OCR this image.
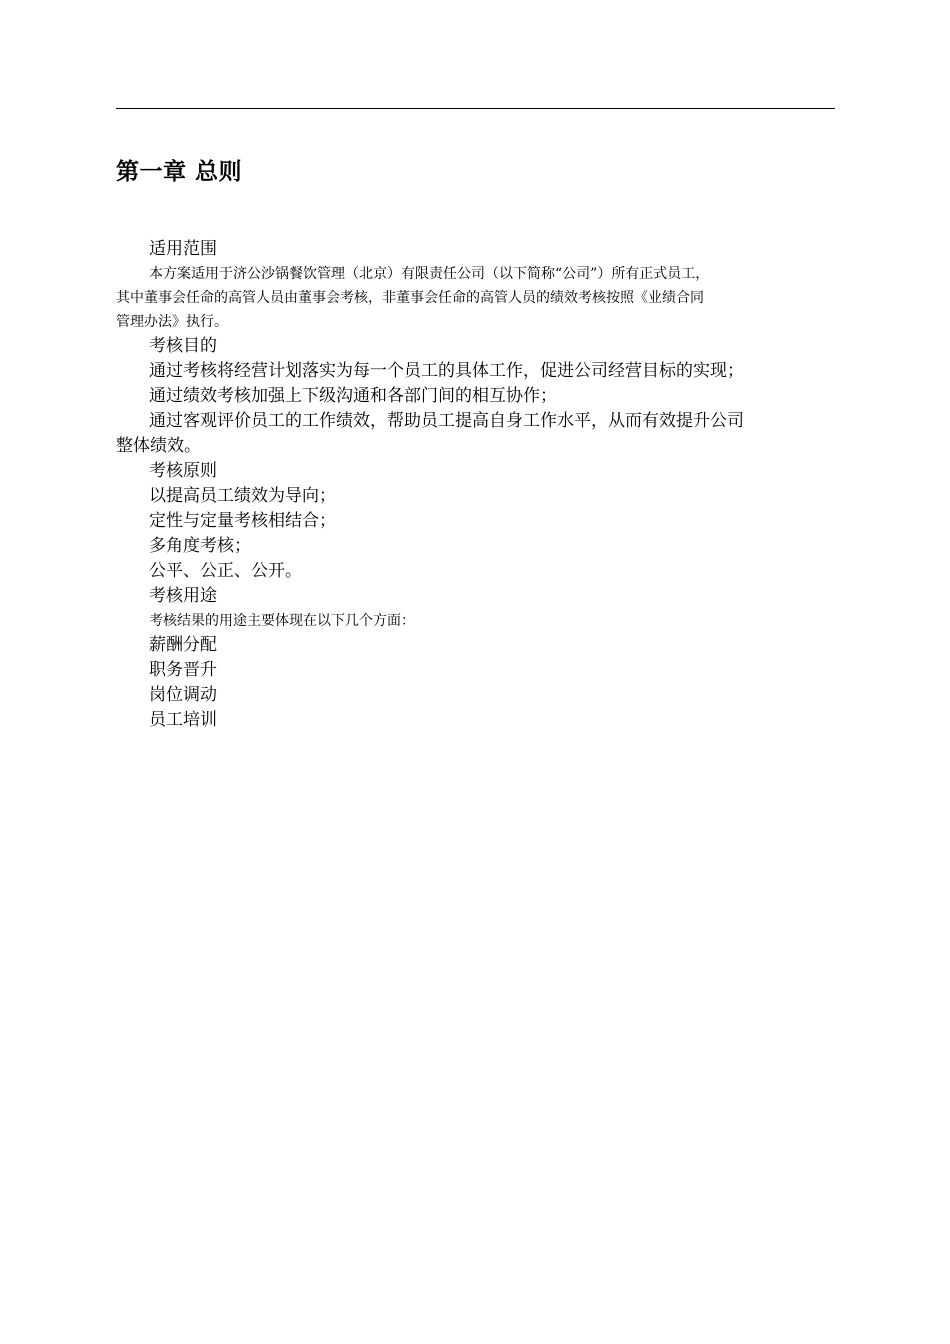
第一章 总则

适用范围

本方案适用于济公沙锅餐饮管理（北京）有限责任公司（以下简称“公司”）所有正式员工，

其中董事会任命的高管人员由董事会考核，非董事会任命的高管人员的绩效考核按照《业绩合同

管理办法》执行。

考核目的

通过考核将经营计划落实为每一个员工的具体工作，促进公司经营目标的实现；

通过绩效考核加强上下级沟通和各部门间的相互协作；

通过客观评价员工的工作绩效，帮助员工提高自身工作水平，从而有效提升公司

整体绩效。

考核原则

以提高员工绩效为导向；

定性与定量考核相结合；

多角度考核；

公平、公正、公开。

考核用途

考核结果的用途主要体现在以下几个方面：

薪酬分配

职务晋升

岗位调动

员工培训
